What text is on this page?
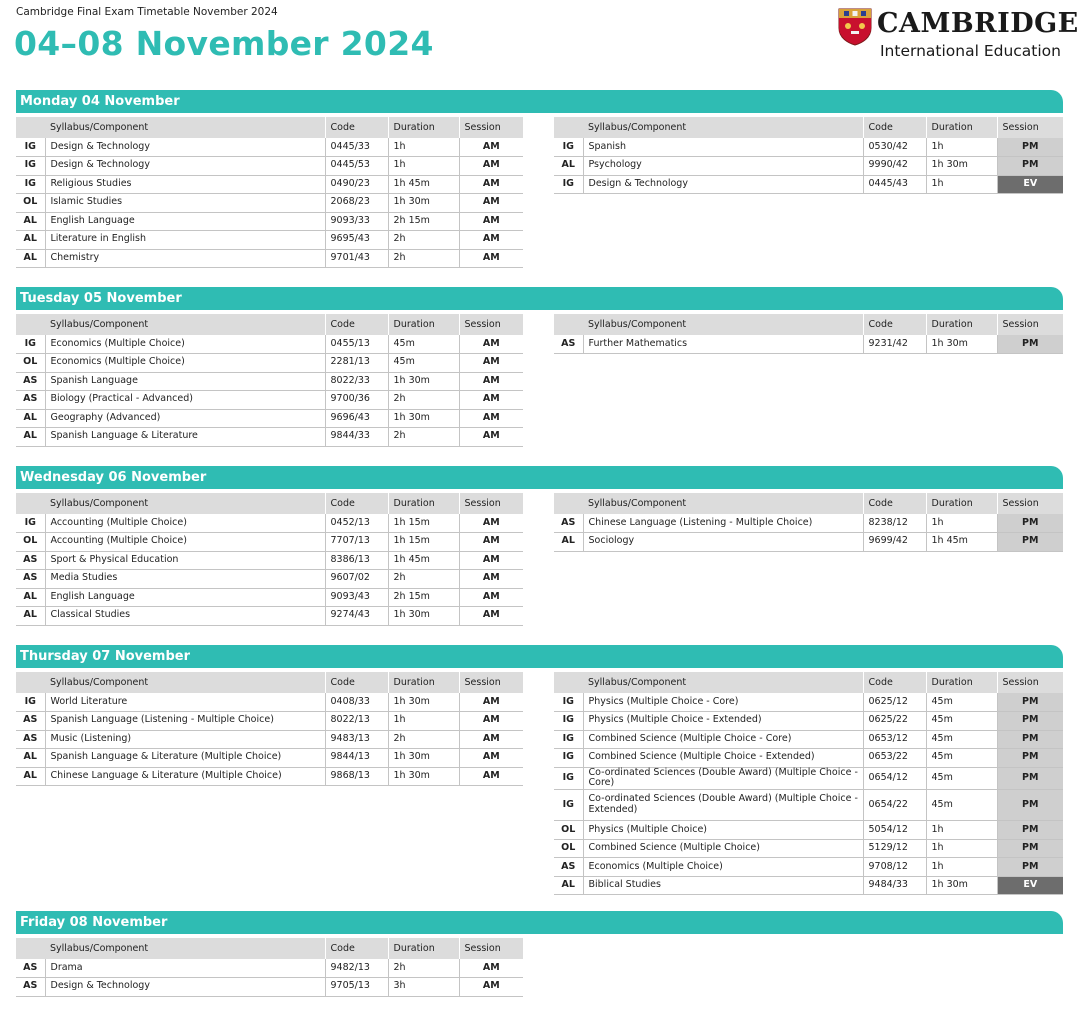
Cambridge Final Exam Timetable November 2024
04–08 November 2024
CAMBRIDGE
International Education
Monday 04 November
	Syllabus/Component	Code	Duration	Session
IG	Design & Technology	0445/33	1h	AM
IG	Design & Technology	0445/53	1h	AM
IG	Religious Studies	0490/23	1h 45m	AM
OL	Islamic Studies	2068/23	1h 30m	AM
AL	English Language	9093/33	2h 15m	AM
AL	Literature in English	9695/43	2h	AM
AL	Chemistry	9701/43	2h	AM
	Syllabus/Component	Code	Duration	Session
IG	Spanish	0530/42	1h	PM
AL	Psychology	9990/42	1h 30m	PM
IG	Design & Technology	0445/43	1h	EV
Tuesday 05 November
	Syllabus/Component	Code	Duration	Session
IG	Economics (Multiple Choice)	0455/13	45m	AM
OL	Economics (Multiple Choice)	2281/13	45m	AM
AS	Spanish Language	8022/33	1h 30m	AM
AS	Biology (Practical - Advanced)	9700/36	2h	AM
AL	Geography (Advanced)	9696/43	1h 30m	AM
AL	Spanish Language & Literature	9844/33	2h	AM
	Syllabus/Component	Code	Duration	Session
AS	Further Mathematics	9231/42	1h 30m	PM
Wednesday 06 November
	Syllabus/Component	Code	Duration	Session
IG	Accounting (Multiple Choice)	0452/13	1h 15m	AM
OL	Accounting (Multiple Choice)	7707/13	1h 15m	AM
AS	Sport & Physical Education	8386/13	1h 45m	AM
AS	Media Studies	9607/02	2h	AM
AL	English Language	9093/43	2h 15m	AM
AL	Classical Studies	9274/43	1h 30m	AM
	Syllabus/Component	Code	Duration	Session
AS	Chinese Language (Listening - Multiple Choice)	8238/12	1h	PM
AL	Sociology	9699/42	1h 45m	PM
Thursday 07 November
	Syllabus/Component	Code	Duration	Session
IG	World Literature	0408/33	1h 30m	AM
AS	Spanish Language (Listening - Multiple Choice)	8022/13	1h	AM
AS	Music (Listening)	9483/13	2h	AM
AL	Spanish Language & Literature (Multiple Choice)	9844/13	1h 30m	AM
AL	Chinese Language & Literature (Multiple Choice)	9868/13	1h 30m	AM
	Syllabus/Component	Code	Duration	Session
IG	Physics (Multiple Choice - Core)	0625/12	45m	PM
IG	Physics (Multiple Choice - Extended)	0625/22	45m	PM
IG	Combined Science (Multiple Choice - Core)	0653/12	45m	PM
IG	Combined Science (Multiple Choice - Extended)	0653/22	45m	PM
IG	Co-ordinated Sciences (Double Award) (Multiple Choice - Core)	0654/12	45m	PM
IG	Co-ordinated Sciences (Double Award) (Multiple Choice - Extended)	0654/22	45m	PM
OL	Physics (Multiple Choice)	5054/12	1h	PM
OL	Combined Science (Multiple Choice)	5129/12	1h	PM
AS	Economics (Multiple Choice)	9708/12	1h	PM
AL	Biblical Studies	9484/33	1h 30m	EV
Friday 08 November
	Syllabus/Component	Code	Duration	Session
AS	Drama	9482/13	2h	AM
AS	Design & Technology	9705/13	3h	AM
